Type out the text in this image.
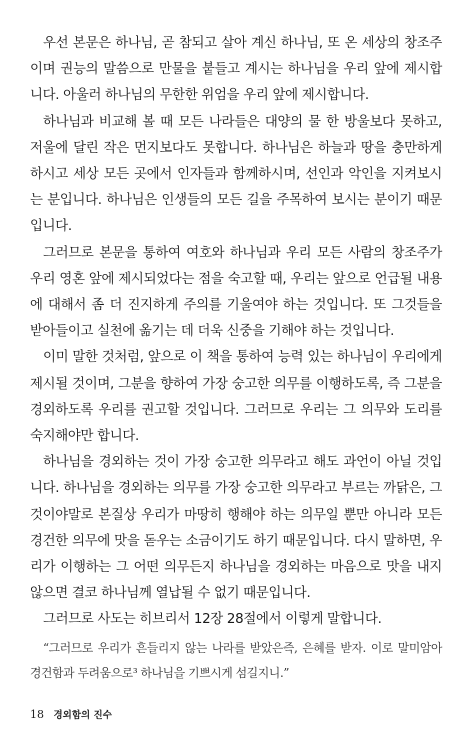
우선 본문은 하나님, 곧 참되고 살아 계신 하나님, 또 온 세상의 창조주이며 권능의 말씀으로 만물을 붙들고 계시는 하나님을 우리 앞에 제시합니다. 아울러 하나님의 무한한 위엄을 우리 앞에 제시합니다.

하나님과 비교해 볼 때 모든 나라들은 대양의 물 한 방울보다 못하고, 저울에 달린 작은 먼지보다도 못합니다. 하나님은 하늘과 땅을 충만하게 하시고 세상 모든 곳에서 인자들과 함께하시며, 선인과 악인을 지켜보시는 분입니다. 하나님은 인생들의 모든 길을 주목하여 보시는 분이기 때문입니다.

그러므로 본문을 통하여 여호와 하나님과 우리 모든 사람의 창조주가 우리 영혼 앞에 제시되었다는 점을 숙고할 때, 우리는 앞으로 언급될 내용에 대해서 좀 더 진지하게 주의를 기울여야 하는 것입니다. 또 그것들을 받아들이고 실천에 옮기는 데 더욱 신중을 기해야 하는 것입니다.

이미 말한 것처럼, 앞으로 이 책을 통하여 능력 있는 하나님이 우리에게 제시될 것이며, 그분을 향하여 가장 숭고한 의무를 이행하도록, 즉 그분을 경외하도록 우리를 권고할 것입니다. 그러므로 우리는 그 의무와 도리를 숙지해야만 합니다.

하나님을 경외하는 것이 가장 숭고한 의무라고 해도 과언이 아닐 것입니다. 하나님을 경외하는 의무를 가장 숭고한 의무라고 부르는 까닭은, 그것이야말로 본질상 우리가 마땅히 행해야 하는 의무일 뿐만 아니라 모든 경건한 의무에 맛을 돋우는 소금이기도 하기 때문입니다. 다시 말하면, 우리가 이행하는 그 어떤 의무든지 하나님을 경외하는 마음으로 맛을 내지 않으면 결코 하나님께 열납될 수 없기 때문입니다.

그러므로 사도는 히브리서 12장 28절에서 이렇게 말합니다.

“그러므로 우리가 흔들리지 않는 나라를 받았은즉, 은혜를 받자. 이로 말미암아 경건함과 두려움으로³ 하나님을 기쁘시게 섬길지니.”

18 경외함의 진수
